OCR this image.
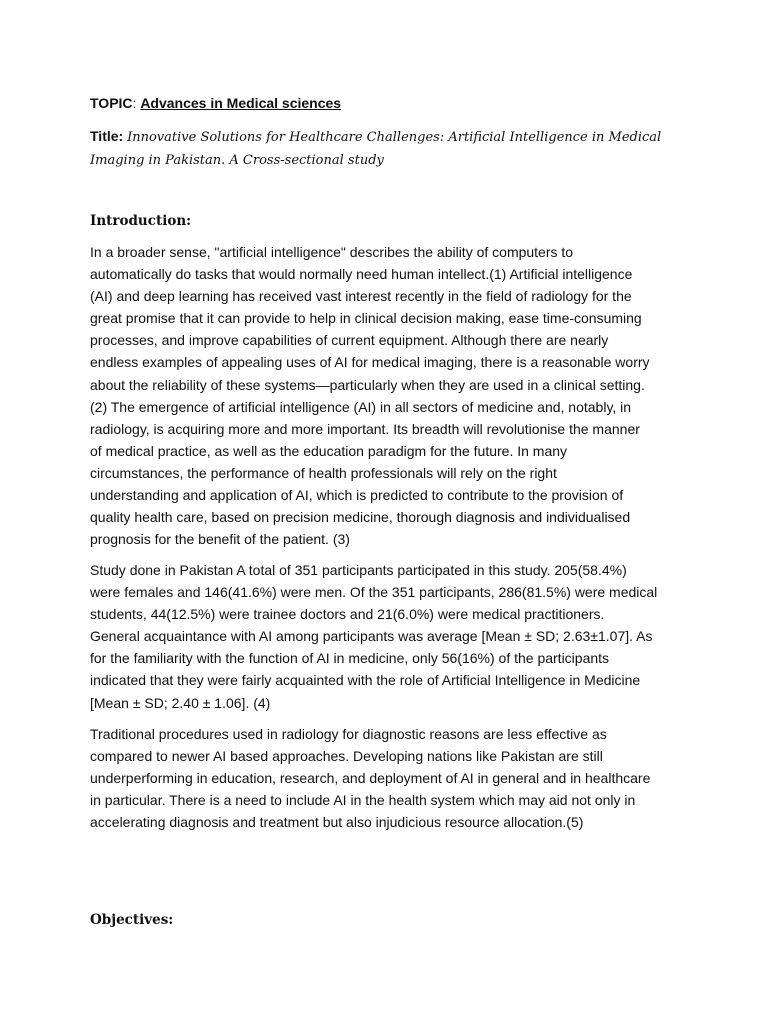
TOPIC: Advances in Medical sciences
Title: Innovative Solutions for Healthcare Challenges: Artificial Intelligence in Medical
Imaging in Pakistan. A Cross-sectional study
Introduction:
In a broader sense, "artificial intelligence" describes the ability of computers to
automatically do tasks that would normally need human intellect.(1) Artificial intelligence
(AI) and deep learning has received vast interest recently in the field of radiology for the
great promise that it can provide to help in clinical decision making, ease time-consuming
processes, and improve capabilities of current equipment. Although there are nearly
endless examples of appealing uses of AI for medical imaging, there is a reasonable worry
about the reliability of these systems—particularly when they are used in a clinical setting.
(2) The emergence of artificial intelligence (AI) in all sectors of medicine and, notably, in
radiology, is acquiring more and more important. Its breadth will revolutionise the manner
of medical practice, as well as the education paradigm for the future. In many
circumstances, the performance of health professionals will rely on the right
understanding and application of AI, which is predicted to contribute to the provision of
quality health care, based on precision medicine, thorough diagnosis and individualised
prognosis for the benefit of the patient. (3)
Study done in Pakistan A total of 351 participants participated in this study. 205(58.4%)
were females and 146(41.6%) were men. Of the 351 participants, 286(81.5%) were medical
students, 44(12.5%) were trainee doctors and 21(6.0%) were medical practitioners.
General acquaintance with AI among participants was average [Mean ± SD; 2.63±1.07]. As
for the familiarity with the function of AI in medicine, only 56(16%) of the participants
indicated that they were fairly acquainted with the role of Artificial Intelligence in Medicine
[Mean ± SD; 2.40 ± 1.06]. (4)
Traditional procedures used in radiology for diagnostic reasons are less effective as
compared to newer AI based approaches. Developing nations like Pakistan are still
underperforming in education, research, and deployment of AI in general and in healthcare
in particular. There is a need to include AI in the health system which may aid not only in
accelerating diagnosis and treatment but also injudicious resource allocation.(5)
Objectives:
